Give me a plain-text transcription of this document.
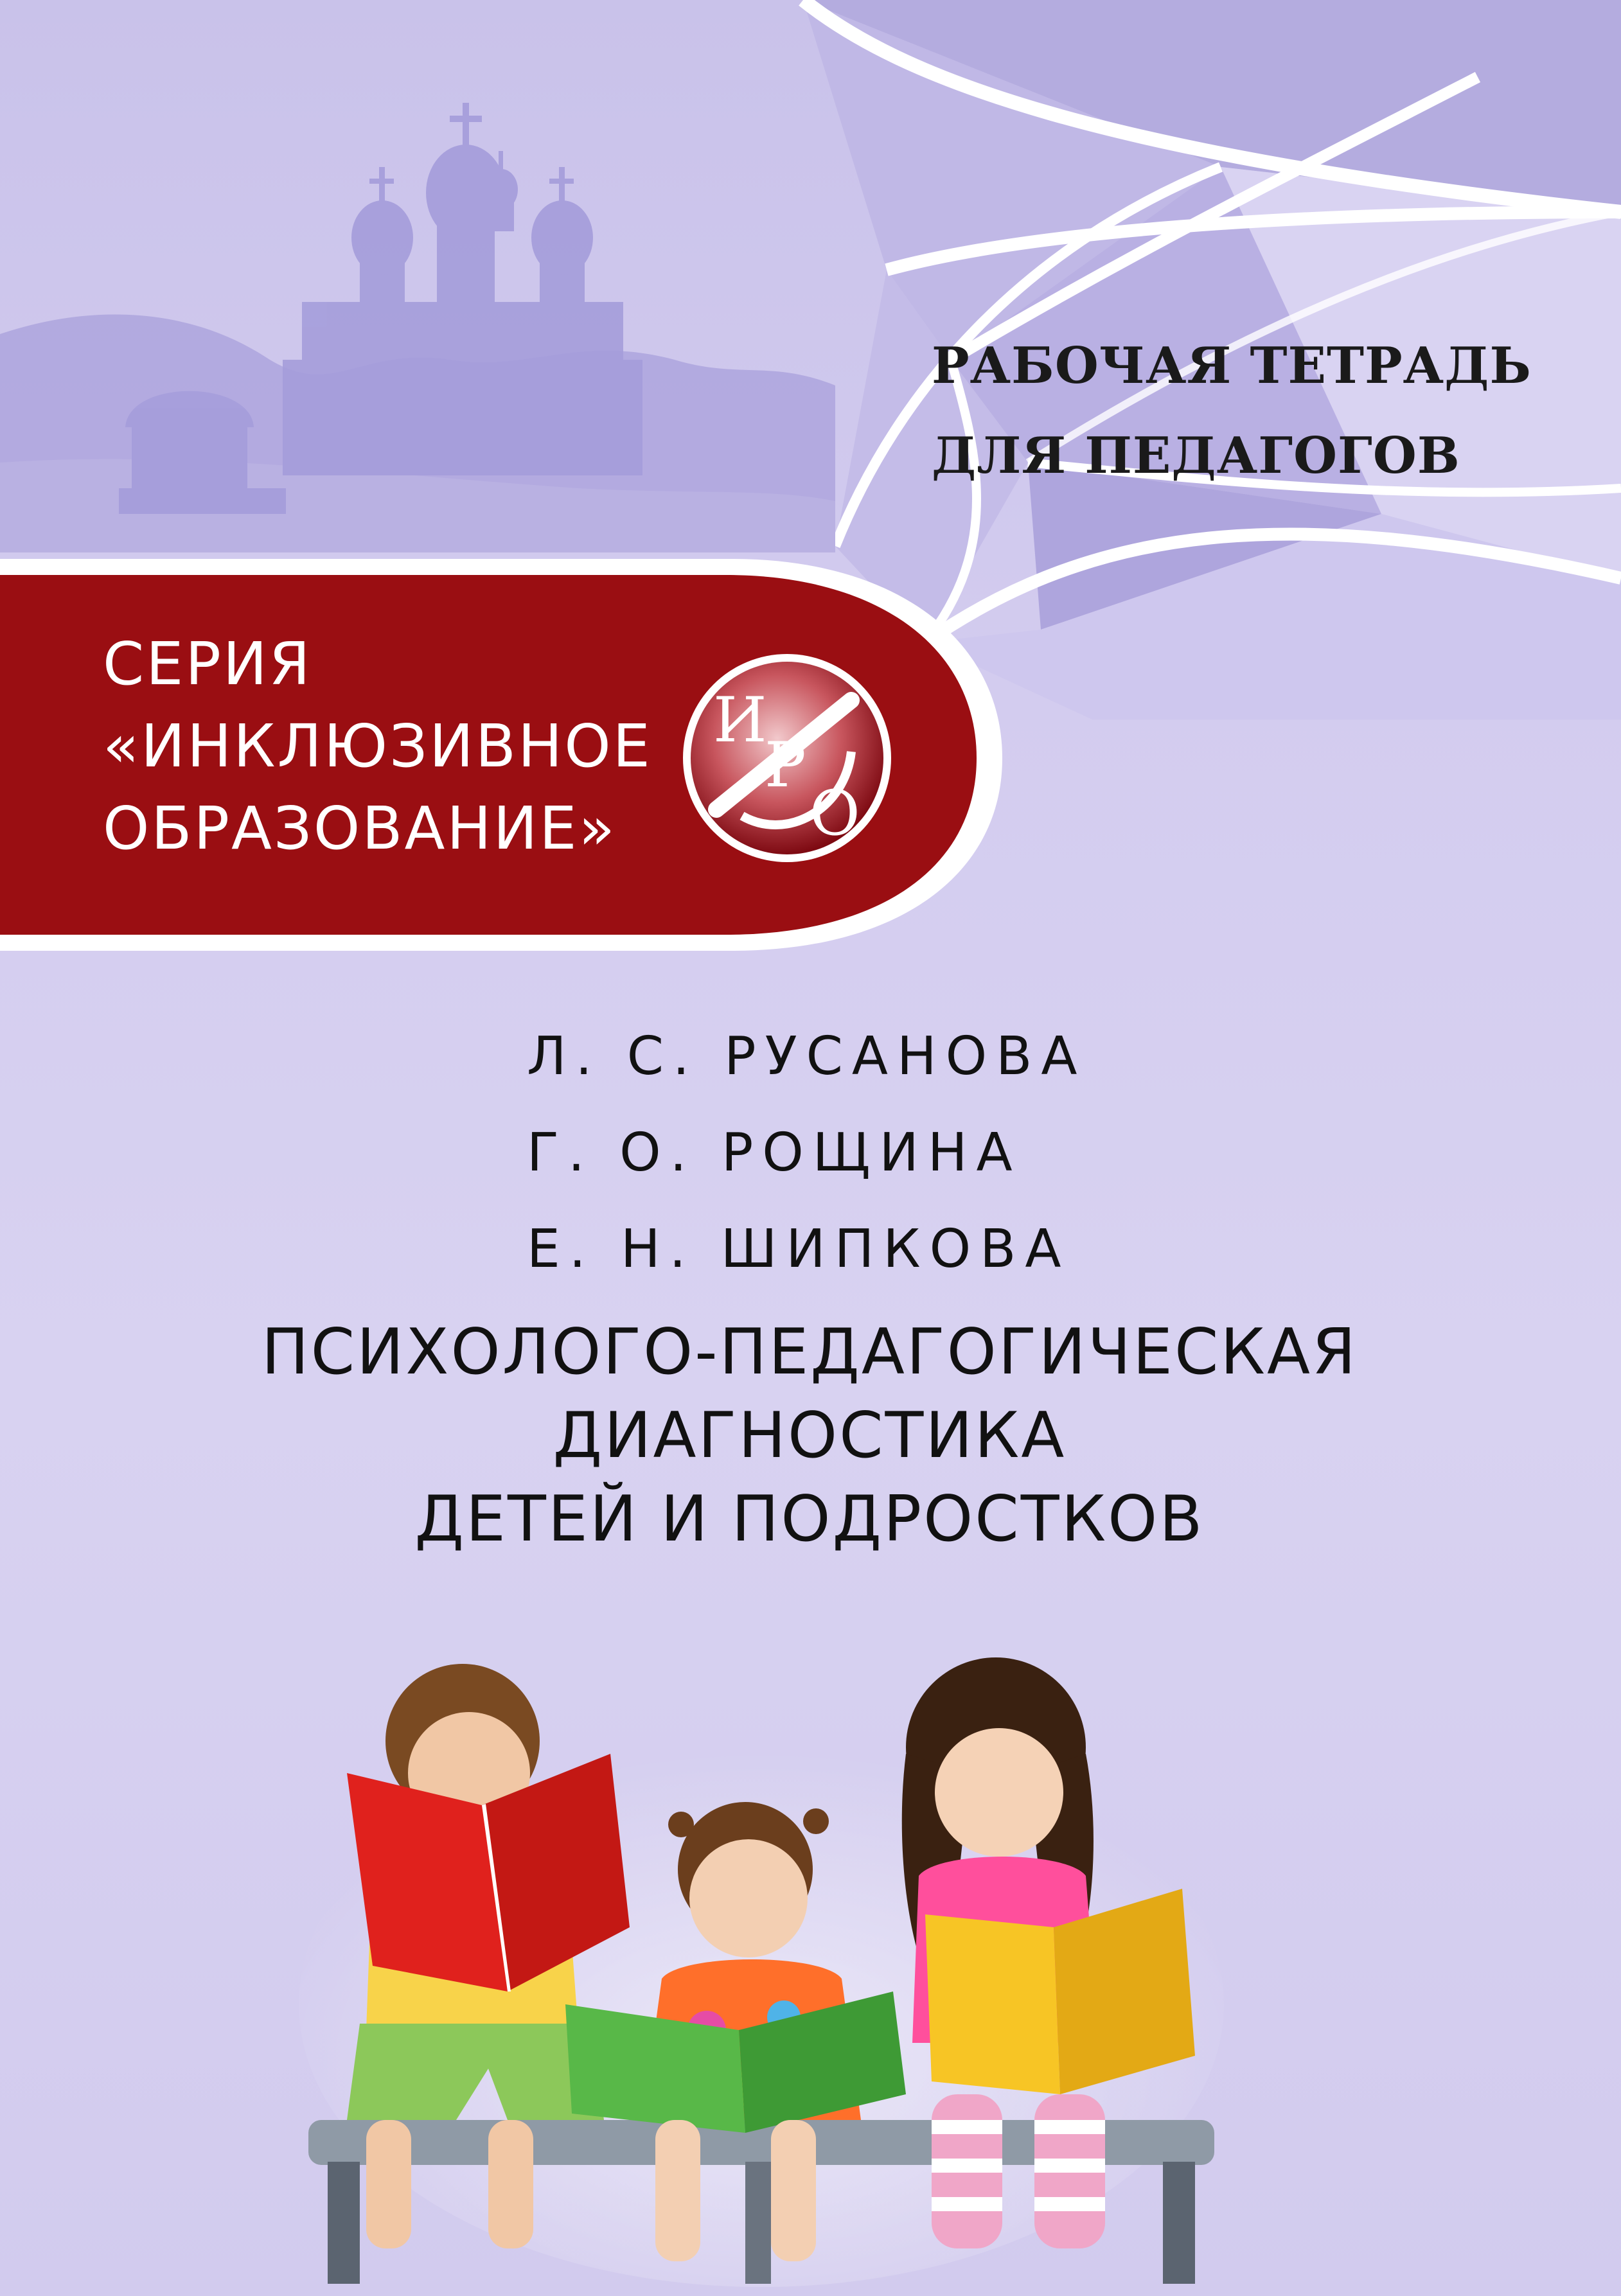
РАБОЧАЯ ТЕТРАДЬ
ДЛЯ ПЕДАГОГОВ
СЕРИЯ
«ИНКЛЮЗИВНОЕ
ОБРАЗОВАНИЕ»
И
Р
О
Л. С. РУСАНОВА
Г. О. РОЩИНА
Е. Н. ШИПКОВА
ПСИХОЛОГО-ПЕДАГОГИЧЕСКАЯ
ДИАГНОСТИКА
ДЕТЕЙ И ПОДРОСТКОВ
